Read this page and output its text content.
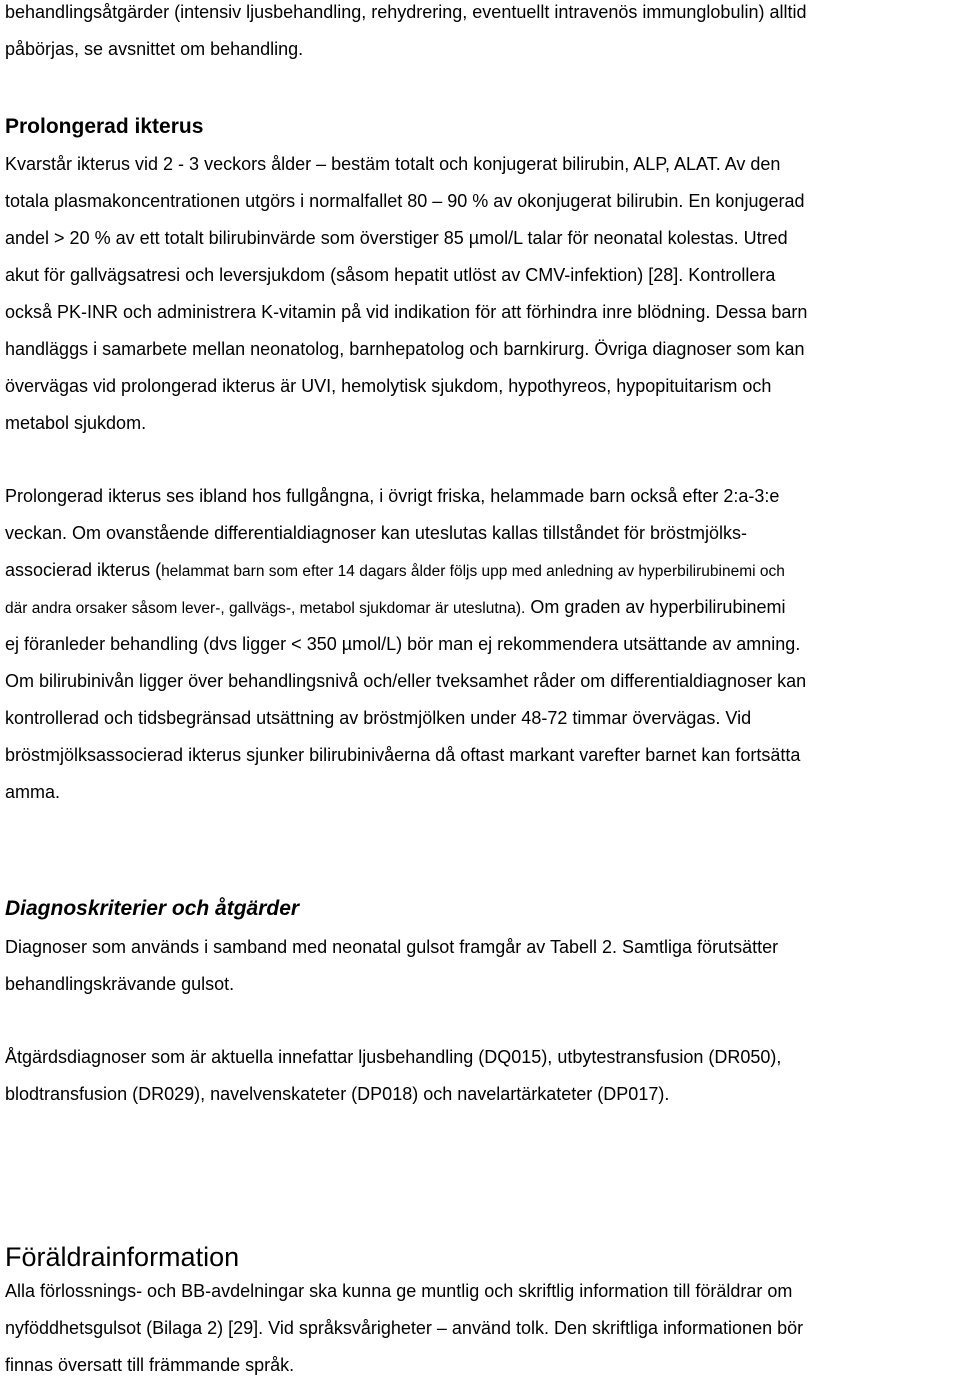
behandlingsåtgärder (intensiv ljusbehandling, rehydrering, eventuellt intravenös immunglobulin) alltid
påbörjas, se avsnittet om behandling.

Prolongerad ikterus

Kvarstår ikterus vid 2 - 3 veckors ålder – bestäm totalt och konjugerat bilirubin, ALP, ALAT. Av den
totala plasmakoncentrationen utgörs i normalfallet 80 – 90 % av okonjugerat bilirubin. En konjugerad
andel > 20 % av ett totalt bilirubinvärde som överstiger 85 µmol/L talar för neonatal kolestas. Utred
akut för gallvägsatresi och leversjukdom (såsom hepatit utlöst av CMV-infektion) [28]. Kontrollera
också PK-INR och administrera K-vitamin på vid indikation för att förhindra inre blödning. Dessa barn
handläggs i samarbete mellan neonatolog, barnhepatolog och barnkirurg. Övriga diagnoser som kan
övervägas vid prolongerad ikterus är UVI, hemolytisk sjukdom, hypothyreos, hypopituitarism och
metabol sjukdom.

Prolongerad ikterus ses ibland hos fullgångna, i övrigt friska, helammade barn också efter 2:a-3:e
veckan. Om ovanstående differentialdiagnoser kan uteslutas kallas tillståndet för bröstmjölks-
associerad ikterus (helammat barn som efter 14 dagars ålder följs upp med anledning av hyperbilirubinemi och
där andra orsaker såsom lever-, gallvägs-, metabol sjukdomar är uteslutna). Om graden av hyperbilirubinemi
ej föranleder behandling (dvs ligger < 350 µmol/L) bör man ej rekommendera utsättande av amning.
Om bilirubinivån ligger över behandlingsnivå och/eller tveksamhet råder om differentialdiagnoser kan
kontrollerad och tidsbegränsad utsättning av bröstmjölken under 48-72 timmar övervägas. Vid
bröstmjölksassocierad ikterus sjunker bilirubinivåerna då oftast markant varefter barnet kan fortsätta
amma.

Diagnoskriterier och åtgärder

Diagnoser som används i samband med neonatal gulsot framgår av Tabell 2. Samtliga förutsätter
behandlingskrävande gulsot.

Åtgärdsdiagnoser som är aktuella innefattar ljusbehandling (DQ015), utbytestransfusion (DR050),
blodtransfusion (DR029), navelvenskateter (DP018) och navelartärkateter (DP017).

Föräldrainformation

Alla förlossnings- och BB-avdelningar ska kunna ge muntlig och skriftlig information till föräldrar om
nyföddhetsgulsot (Bilaga 2) [29]. Vid språksvårigheter – använd tolk. Den skriftliga informationen bör
finnas översatt till främmande språk.
